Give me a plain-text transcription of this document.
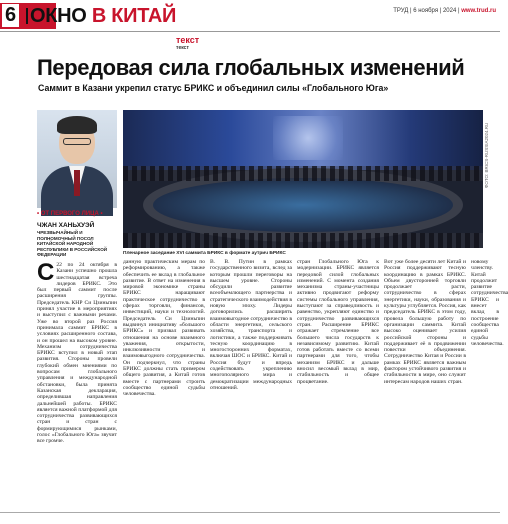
6 ОКНО В КИТАЙ	ТРУД | 6 ноября | 2024 | www.trud.ru
текст
текст
Передовая сила глобальных изменений
Саммит в Казани укрепил статус БРИКС и объединил силы «Глобального Юга»
• ОТ ПЕРВОГО ЛИЦА •
ЧЖАН ХАНЬХУЭЙ
ЧРЕЗВЫЧАЙНЫЙ И ПОЛНОМОЧНЫЙ ПОСОЛ КИТАЙСКОЙ НАРОДНОЙ РЕСПУБЛИКИ В РОССИЙСКОЙ ФЕДЕРАЦИИ
ФОТО: BRICS-RUSSIA2024.RU
Пленарное заседание XVI саммита БРИКС в формате аутрич БРИКС
С 22 по 24 октября в Казани успешно прошла шестнадцатая встреча лидеров БРИКС. Это был первый саммит после расширения группы. Председатель КНР Си Цзиньпин принял участие в мероприятиях и выступил с важными речами. Уже во второй раз Россия принимала саммит БРИКС в условиях расширенного состава, и он прошел на высоком уровне. Механизм сотрудничества БРИКС вступил в новый этап развития. Стороны провели глубокий обмен мнениями по вопросам глобального управления и международной обстановки, была принята Казанская декларация, определившая направления дальнейшей работы. БРИКС является важной платформой для сотрудничества развивающихся стран и стран с формирующимися рынками, голос «Глобального Юга» звучит все громче.
данную практическим мерам по реформированию, а также обеспечить ее вклад в глобальное развитие. В ответ на изменения в мировой экономике страны БРИКС наращивают практическое сотрудничество в сферах торговли, финансов, инвестиций, науки и технологий. Председатель Си Цзиньпин выдвинул инициативу «большого БРИКС» и призвал развивать отношения на основе взаимного уважения, открытости, инклюзивности и взаимовыгодного сотрудничества. Он подчеркнул, что страны БРИКС должны стать примером общего развития, а Китай готов вместе с партнерами строить сообщество единой судьбы человечества.
В. В. Путин в рамках государственного визита, вслед за которым прошли переговоры на высшем уровне. Стороны обсудили развитие всеобъемлющего партнерства и стратегического взаимодействия в новую эпоху. Лидеры договорились расширять взаимовыгодное сотрудничество в области энергетики, сельского хозяйства, транспорта и логистики, а также поддерживать тесную координацию в многосторонних форматах, включая ШОС и БРИКС. Китай и Россия будут и впредь содействовать укреплению многополярного мира и демократизации международных отношений.
стран Глобального Юга к модернизации. БРИКС является передовой силой глобальных изменений. С момента создания механизма страны-участницы активно продвигают реформу системы глобального управления, выступают за справедливость и равенство, укрепляют единство и сотрудничество развивающихся стран. Расширение БРИКС отражает стремление все большего числа государств к независимому развитию. Китай готов работать вместе со всеми партнерами для того, чтобы механизм БРИКС и дальше вносил весомый вклад в мир, стабильность и общее процветание.
Вот уже более десяти лет Китай и Россия поддерживают тесную координацию в рамках БРИКС. Объем двусторонней торговли продолжает расти, сотрудничество в сферах энергетики, науки, образования и культуры углубляется. Россия, как председатель БРИКС в этом году, провела большую работу по организации саммита. Китай высоко оценивает усилия российской стороны и поддерживает её в продвижении повестки объединения. Сотрудничество Китая и России в рамках БРИКС является важным фактором устойчивого развития и стабильности в мире, оно служит интересам народов наших стран.
новому членству. Китай продолжит развитие сотрудничества БРИКС и внесет вклад в построение сообщества единой судьбы человечества.
